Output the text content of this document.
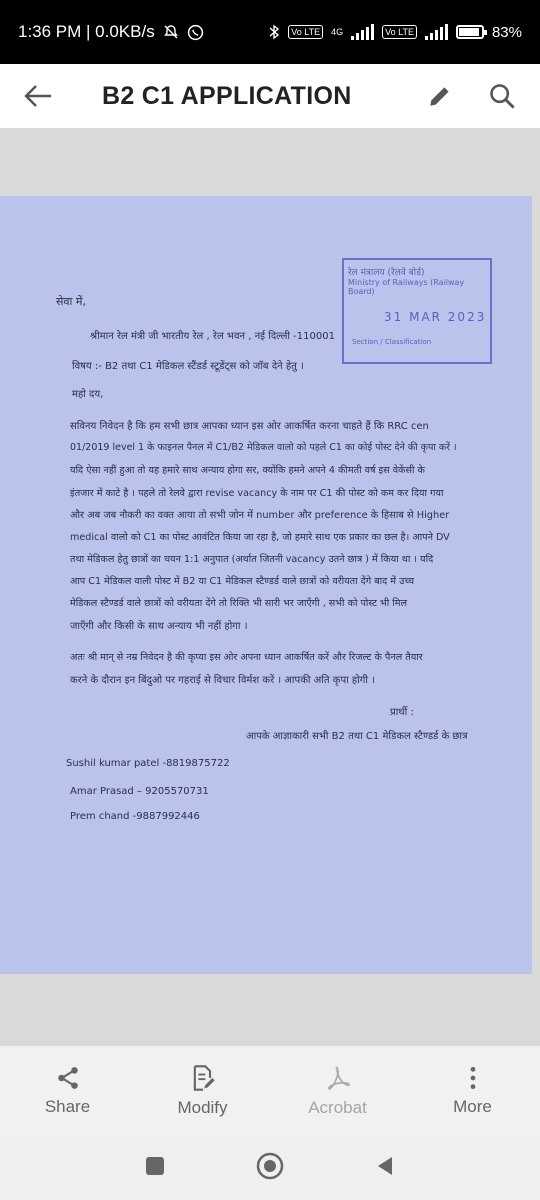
1:36 PM | 0.0KB/s	Vo LTE	4G	Vo LTE	83%
B2 C1 APPLICATION
रेल मंत्रालय (रेलवे बोर्ड)
Ministry of Railways (Railway Board)
31 MAR 2023
Section / Classification
सेवा में,
श्रीमान रेल मंत्री जी भारतीय रेल , रेल भवन , नई दिल्ली -110001
विषय :- B2 तथा C1 मेडिकल स्टैंडर्ड स्टूडेंट्स को जॉब देने हेतु ।
महो दय,
सविनय निवेदन है कि हम सभी छात्र आपका ध्यान इस ओर आकर्षित करना चाहते हैं कि RRC cen
01/2019 level 1 के फाइनल पैनल में C1/B2 मेडिकल वालो को पहले C1 का कोई पोस्ट देने की कृपा करें ।
यदि ऐसा नहीं हुआ तो यह हमारे साथ अन्याय होगा सर, क्योंकि हमने अपने 4 कीमती वर्ष इस वेकेंसी के
इंतजार में काटे है । पहले तो रेलवे द्वारा revise vacancy के नाम पर C1 की पोस्ट को कम कर दिया गया
और अब जब नौकरी का वक्त आया तो सभी जोन में number और preference के हिसाब से Higher
medical वालो को C1 का पोस्ट आवंटित किया जा रहा है, जो हमारे साथ एक प्रकार का छल है। आपने DV
तथा मेडिकल हेतु छात्रों का चयन 1:1 अनुपात (अर्थात जितनी vacancy उतने छात्र ) में किया था । यदि
आप C1 मेडिकल वाली पोस्ट में B2 या C1 मेडिकल स्टैण्डर्ड वाले छात्रों को वरीयता देंगे बाद में उच्च
मेडिकल स्टैण्डर्ड वाले छात्रों को वरीयता देंगे तो रिक्ति भी सारी भर जाएँगी , सभी को पोस्ट भी मिल
जाएँगी और किसी के साथ अन्याय भी नहीं होगा ।
अतः श्री मान् से नम्र निवेदन है की कृप्या इस ओर अपना ध्यान आकर्षित करें और रिजल्ट के पैनल तैयार
करने के दौरान इन बिंदुओ पर गहराई से विचार विर्मश करें । आपकी अति कृपा होगी ।
प्रार्थी :
आपके आज्ञाकारी सभी B2 तथा C1 मेडिकल स्टैण्डर्ड के छात्र
Sushil kumar patel -8819875722
Amar Prasad – 9205570731
Prem chand -9887992446
Share	Modify	Acrobat	More
